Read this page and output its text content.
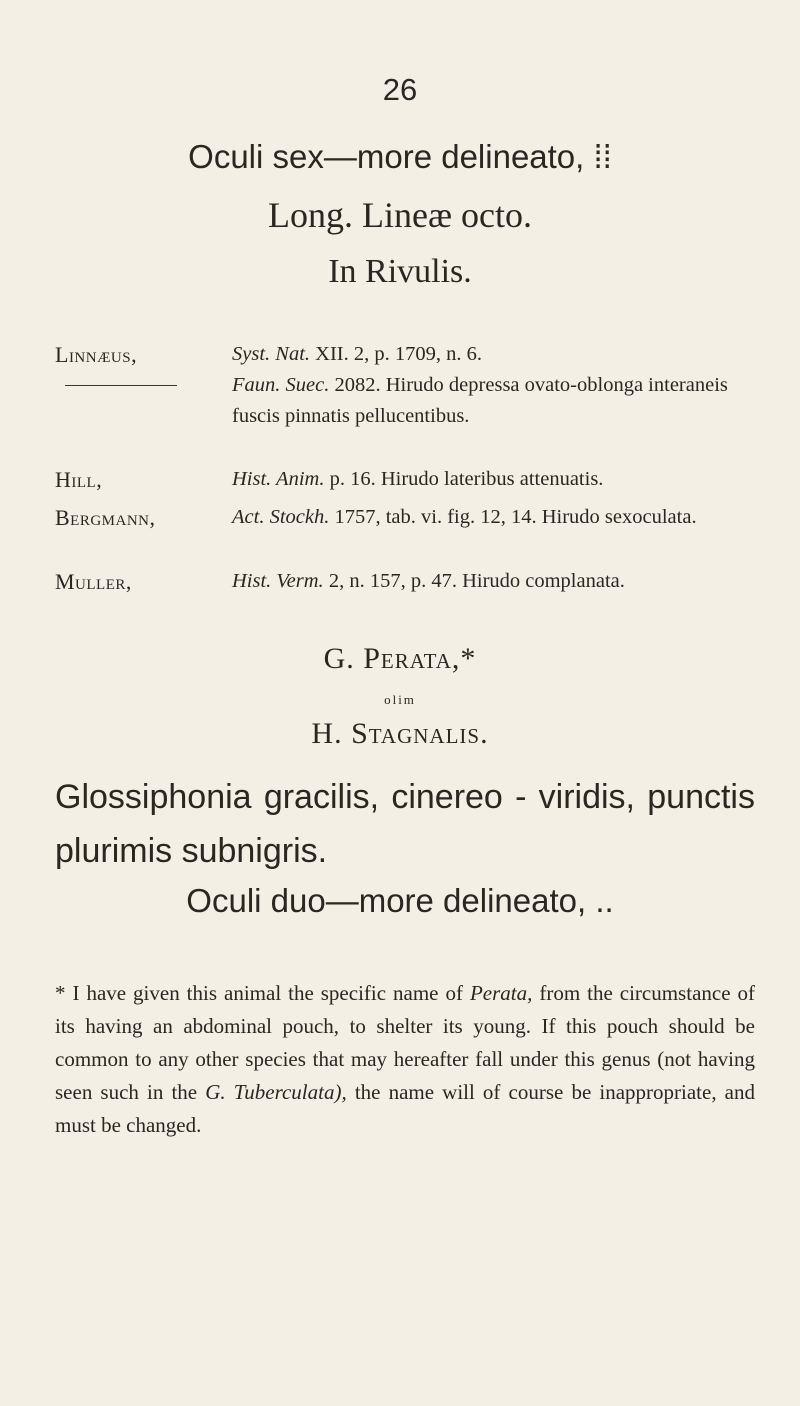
26
Oculi sex—more delineato, ⁞⁞
Long. Lineæ octo.
In Rivulis.
Linnæus,	Syst. Nat. XII. 2, p. 1709, n. 6.
Faun. Suec. 2082. Hirudo depressa ovato-oblonga interaneis fuscis pinnatis pellucentibus.
Hill,	Hist. Anim. p. 16. Hirudo lateribus attenuatis.
Bergmann,	Act. Stockh. 1757, tab. vi. fig. 12, 14. Hirudo sexoculata.
Muller,	Hist. Verm. 2, n. 157, p. 47. Hirudo complanata.
G. Perata,*
olim
H. Stagnalis.
Glossiphonia gracilis, cinereo - viridis, punctis plurimis subnigris.
Oculi duo—more delineato, ..
* I have given this animal the specific name of Perata, from the circumstance of its having an abdominal pouch, to shelter its young. If this pouch should be common to any other species that may hereafter fall under this genus (not having seen such in the G. Tuberculata), the name will of course be inappropriate, and must be changed.
